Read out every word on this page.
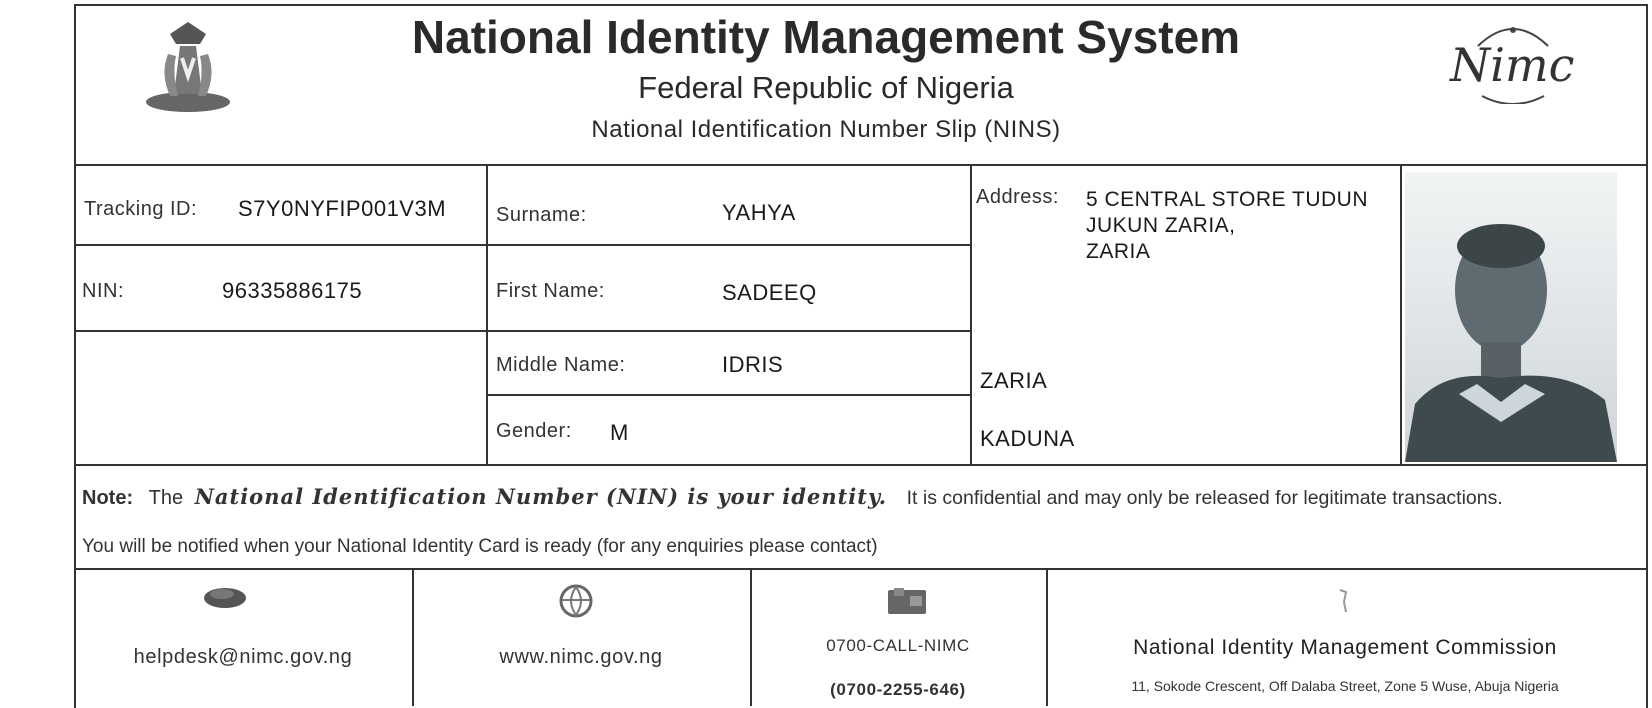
National Identity Management System
Federal Republic of Nigeria
National Identification Number Slip (NINS)
Nimc
Tracking ID: S7Y0NYFIP001V3M
NIN:	96335886175
Surname:	YAHYA
First Name:	SADEEQ
Middle Name:	IDRIS
Gender: M
Address: 5 CENTRAL STORE TUDUN
JUKUN ZARIA,
ZARIA
ZARIA
KADUNA
Note: The National Identification Number (NIN) is your identity. It is confidential and may only be released for legitimate transactions.
You will be notified when your National Identity Card is ready (for any enquiries please contact)
helpdesk@nimc.gov.ng	www.nimc.gov.ng
0700-CALL-NIMC
(0700-2255-646)
National Identity Management Commission
11, Sokode Crescent, Off Dalaba Street, Zone 5 Wuse, Abuja Nigeria
